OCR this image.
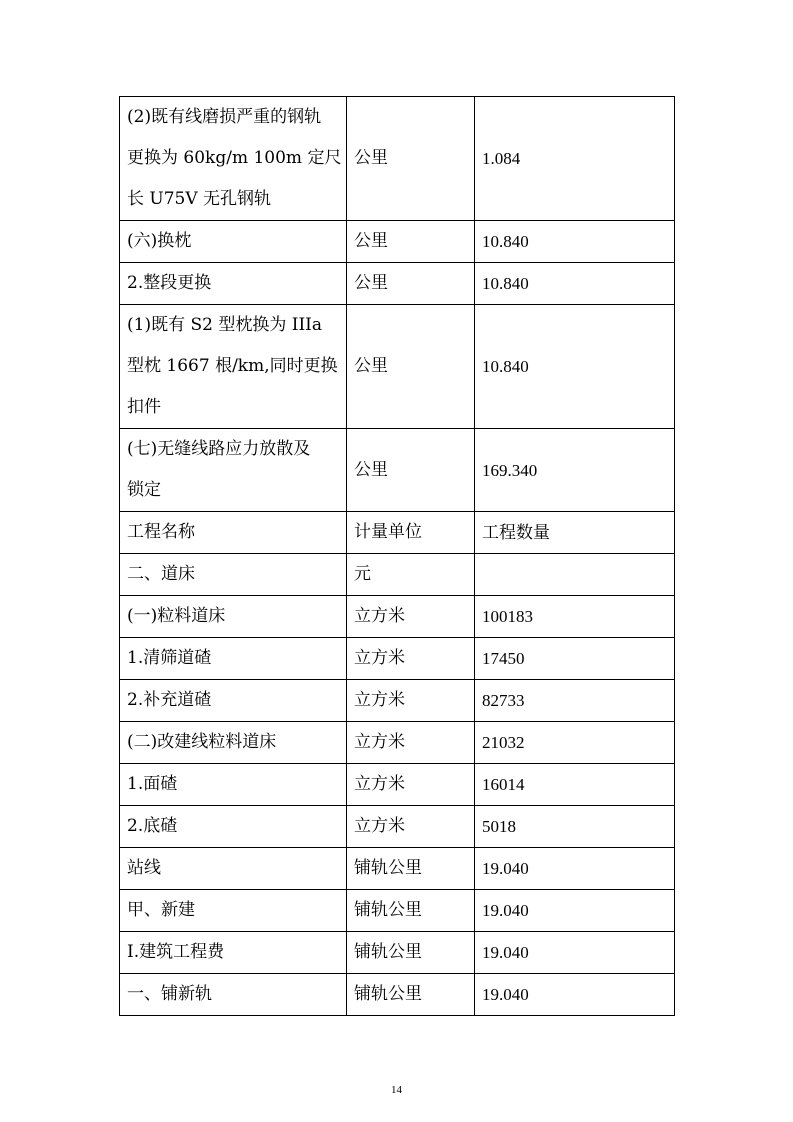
(2)既有线磨损严重的钢轨
更换为 60kg/m 100m 定尺
长 U75V 无孔钢轨	公里	1.084
(六)换枕	公里	10.840
2.整段更换	公里	10.840

(1)既有 S2 型枕换为 IIIa
型枕 1667 根/km,同时更换
扣件	公里	10.840

(七)无缝线路应力放散及
锁定	公里	169.340
工程名称	计量单位	工程数量
二、道床	元	
(一)粒料道床	立方米	100183
1.清筛道碴	立方米	17450
2.补充道碴	立方米	82733
(二)改建线粒料道床	立方米	21032
1.面碴	立方米	16014
2.底碴	立方米	5018
站线	铺轨公里	19.040
甲、新建	铺轨公里	19.040
I.建筑工程费	铺轨公里	19.040
一、铺新轨	铺轨公里	19.040
14
